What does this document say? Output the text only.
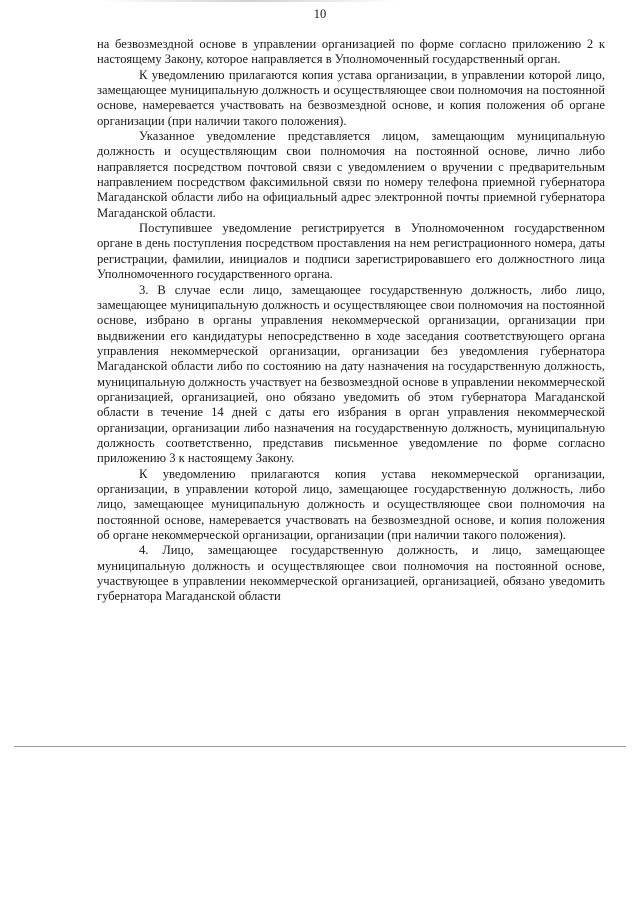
10

на безвозмездной основе в управлении организацией по форме согласно приложению 2 к настоящему Закону, которое направляется в Уполномоченный государственный орган.

К уведомлению прилагаются копия устава организации, в управлении которой лицо, замещающее муниципальную должность и осуществляющее свои полномочия на постоянной основе, намеревается участвовать на безвозмездной основе, и копия положения об органе организации (при наличии такого положения).

Указанное уведомление представляется лицом, замещающим муниципальную должность и осуществляющим свои полномочия на постоянной основе, лично либо направляется посредством почтовой связи с уведомлением о вручении с предварительным направлением посредством факсимильной связи по номеру телефона приемной губернатора Магаданской области либо на официальный адрес электронной почты приемной губернатора Магаданской области.

Поступившее уведомление регистрируется в Уполномоченном государственном органе в день поступления посредством проставления на нем регистрационного номера, даты регистрации, фамилии, инициалов и подписи зарегистрировавшего его должностного лица Уполномоченного государственного органа.

3. В случае если лицо, замещающее государственную должность, либо лицо, замещающее муниципальную должность и осуществляющее свои полномочия на постоянной основе, избрано в органы управления некоммерческой организации, организации при выдвижении его кандидатуры непосредственно в ходе заседания соответствующего органа управления некоммерческой организации, организации без уведомления губернатора Магаданской области либо по состоянию на дату назначения на государственную должность, муниципальную должность участвует на безвозмездной основе в управлении некоммерческой организацией, организацией, оно обязано уведомить об этом губернатора Магаданской области в течение 14 дней с даты его избрания в орган управления некоммерческой организации, организации либо назначения на государственную должность, муниципальную должность соответственно, представив письменное уведомление по форме согласно приложению 3 к настоящему Закону.

К уведомлению прилагаются копия устава некоммерческой организации, организации, в управлении которой лицо, замещающее государственную должность, либо лицо, замещающее муниципальную должность и осуществляющее свои полномочия на постоянной основе, намеревается участвовать на безвозмездной основе, и копия положения об органе некоммерческой организации, организации (при наличии такого положения).

4. Лицо, замещающее государственную должность, и лицо, замещающее муниципальную должность и осуществляющее свои полномочия на постоянной основе, участвующее в управлении некоммерческой организацией, организацией, обязано уведомить губернатора Магаданской области
